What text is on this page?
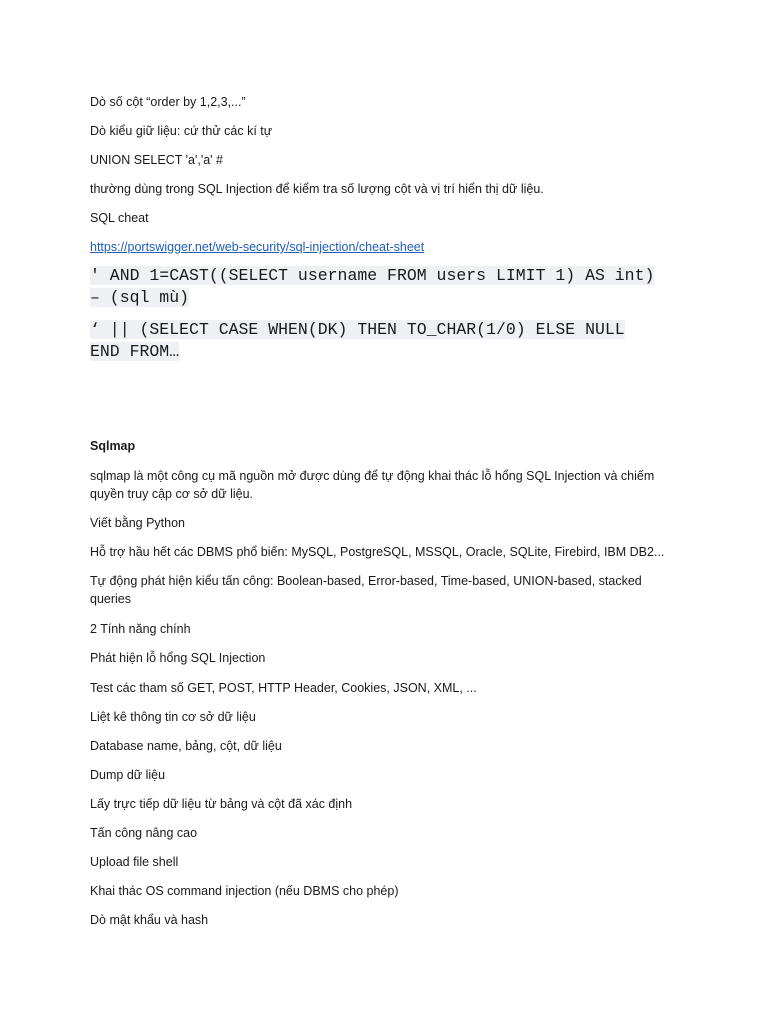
Dò số cột “order by 1,2,3,...”
Dò kiểu giữ liệu: cứ thử các kí tự
UNION SELECT 'a','a' #
thường dùng trong SQL Injection để kiểm tra số lượng cột và vị trí hiển thị dữ liệu.
SQL cheat
https://portswigger.net/web-security/sql-injection/cheat-sheet
' AND 1=CAST((SELECT username FROM users LIMIT 1) AS int)
– (sql mù)
‘ || (SELECT CASE WHEN(DK) THEN TO_CHAR(1/0) ELSE NULL
END FROM…
Sqlmap
sqlmap là một công cụ mã nguồn mở được dùng để tự động khai thác lỗ hổng SQL Injection và chiếm quyền truy cập cơ sở dữ liệu.
Viết bằng Python
Hỗ trợ hầu hết các DBMS phổ biến: MySQL, PostgreSQL, MSSQL, Oracle, SQLite, Firebird, IBM DB2...
Tự động phát hiện kiểu tấn công: Boolean-based, Error-based, Time-based, UNION-based, stacked queries
2 Tính năng chính
Phát hiện lỗ hổng SQL Injection
Test các tham số GET, POST, HTTP Header, Cookies, JSON, XML, ...
Liệt kê thông tin cơ sở dữ liệu
Database name, bảng, cột, dữ liệu
Dump dữ liệu
Lấy trực tiếp dữ liệu từ bảng và cột đã xác định
Tấn công nâng cao
Upload file shell
Khai thác OS command injection (nếu DBMS cho phép)
Dò mật khẩu và hash
